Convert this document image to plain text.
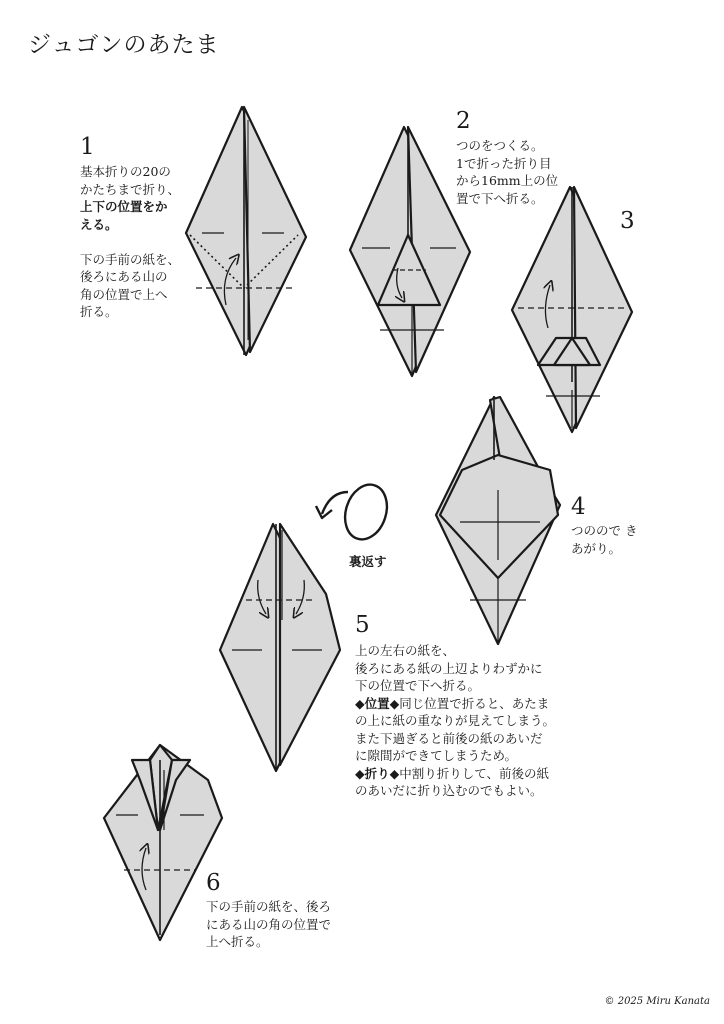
ジュゴンのあたま
1
基本折りの20の
かたちまで折り、
上下の位置をか
える。
下の手前の紙を、
後ろにある山の
角の位置で上へ
折る。
2
つのをつくる。
1で折った折り目
から16mm上の位
置で下へ折る。
3
4
つのので き
あがり。
裏返す
5
上の左右の紙を、
後ろにある紙の上辺よりわずかに
下の位置で下へ折る。
◆位置◆同じ位置で折ると、あたま
の上に紙の重なりが見えてしまう。
また下過ぎると前後の紙のあいだ
に隙間ができてしまうため。
◆折り◆中割り折りして、前後の紙
のあいだに折り込むのでもよい。
6
下の手前の紙を、後ろ
にある山の角の位置で
上へ折る。
© 2025 Miru Kanata
